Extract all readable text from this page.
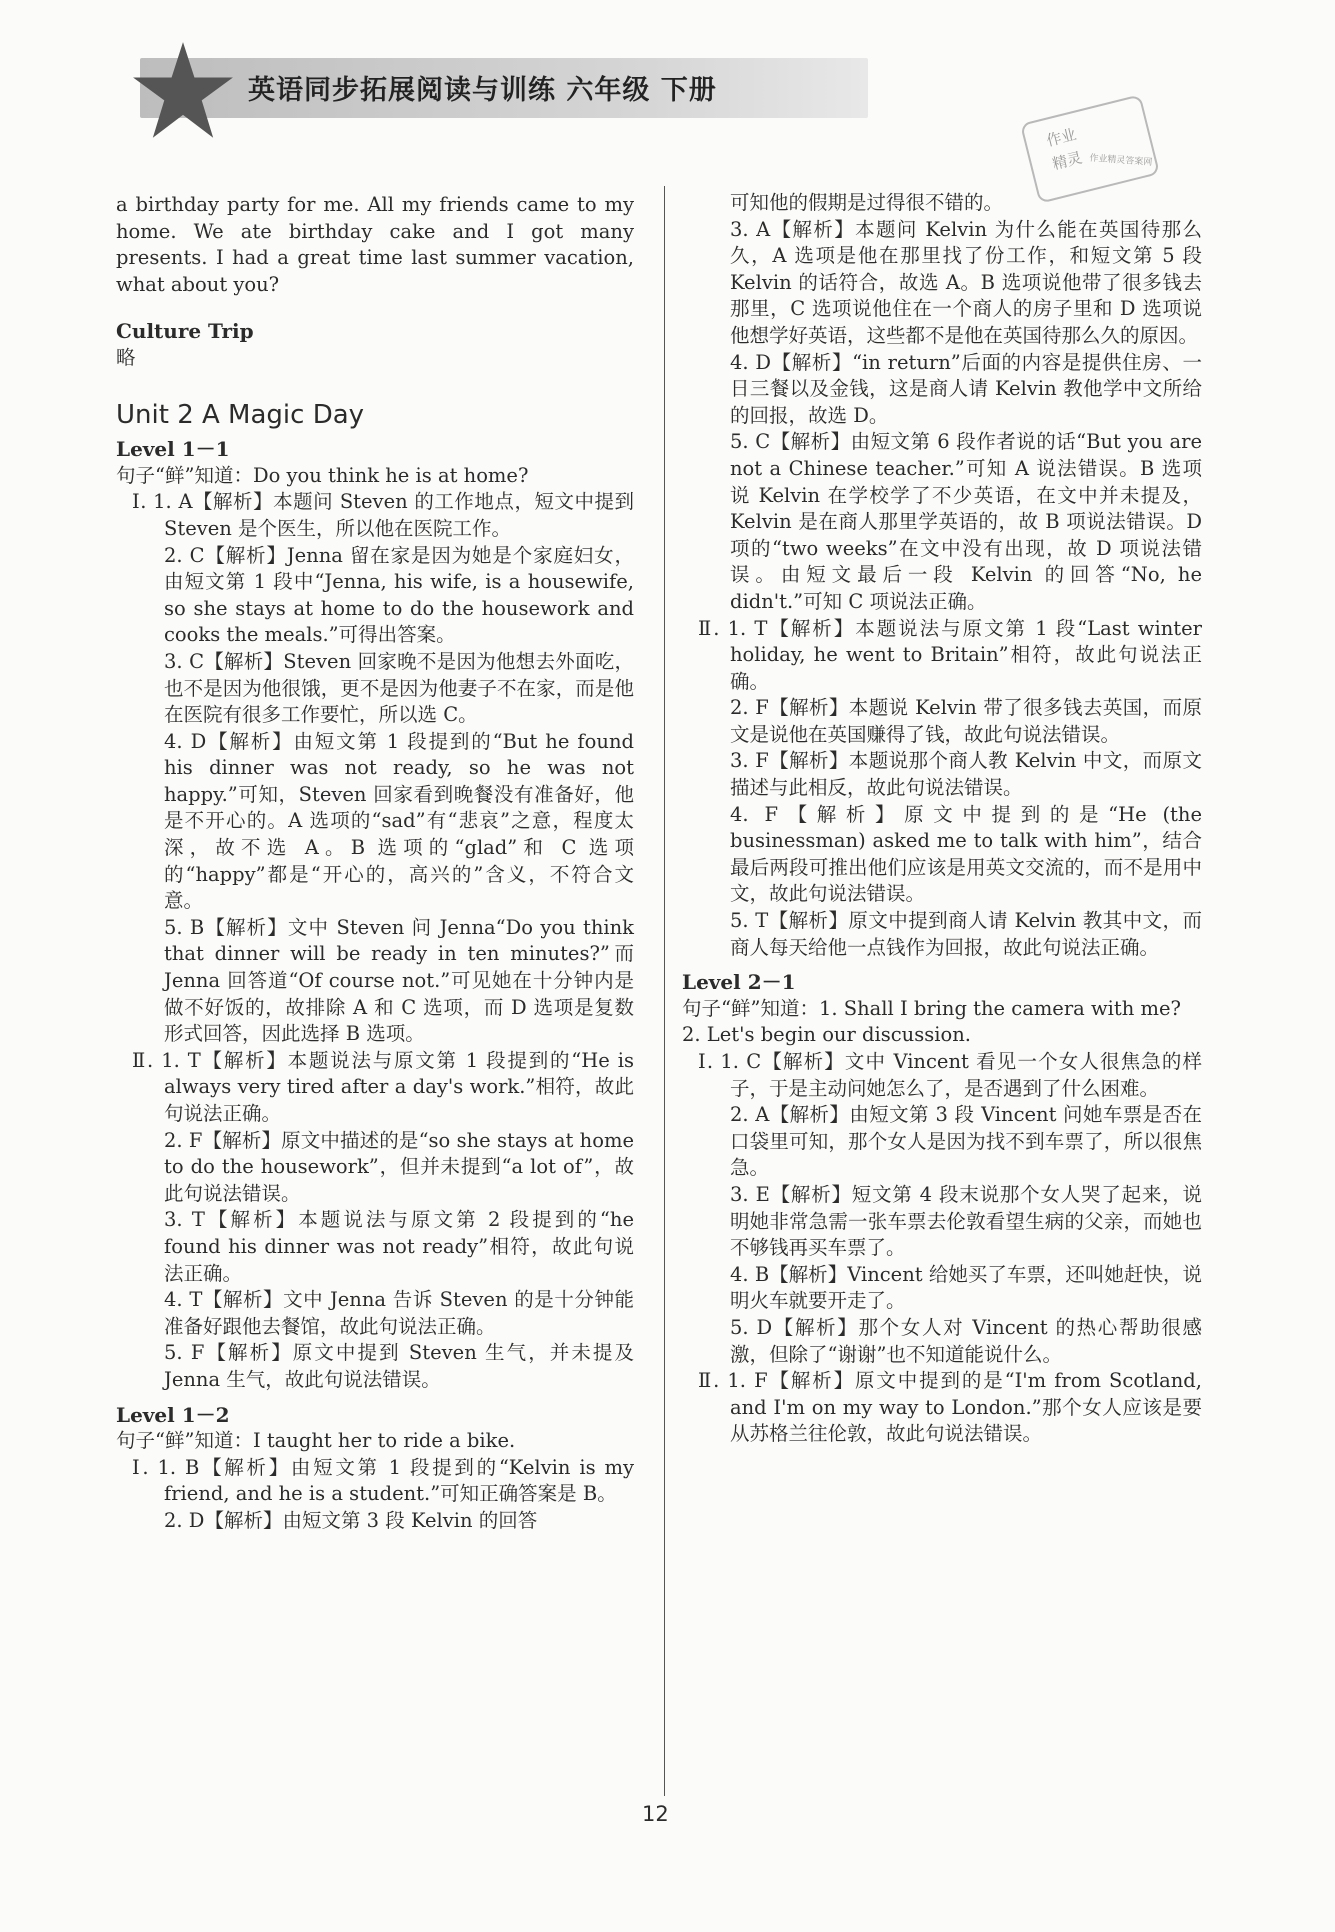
英语同步拓展阅读与训练 六年级 下册
作业
精灵 作业精灵答案网

a birthday party for me. All my friends came to my home. We ate birthday cake and I got many presents. I had a great time last summer vacation, what about you?

Culture Trip

略

Unit 2 A Magic Day

Level 1－1

句子“鲜”知道：Do you think he is at home?

Ⅰ. 1. A【解析】本题问 Steven 的工作地点，短文中提到 Steven 是个医生，所以他在医院工作。

2. C【解析】Jenna 留在家是因为她是个家庭妇女，由短文第 1 段中“Jenna, his wife, is a housewife, so she stays at home to do the housework and cooks the meals.”可得出答案。

3. C【解析】Steven 回家晚不是因为他想去外面吃，也不是因为他很饿，更不是因为他妻子不在家，而是他在医院有很多工作要忙，所以选 C。

4. D【解析】由短文第 1 段提到的“But he found his dinner was not ready, so he was not happy.”可知，Steven 回家看到晚餐没有准备好，他是不开心的。A 选项的“sad”有“悲哀”之意，程度太深，故不选 A。B 选项的“glad”和 C 选项的“happy”都是“开心的，高兴的”含义，不符合文意。

5. B【解析】文中 Steven 问 Jenna“Do you think that dinner will be ready in ten minutes?”而 Jenna 回答道“Of course not.”可见她在十分钟内是做不好饭的，故排除 A 和 C 选项，而 D 选项是复数形式回答，因此选择 B 选项。

Ⅱ. 1. T【解析】本题说法与原文第 1 段提到的“He is always very tired after a day's work.”相符，故此句说法正确。

2. F【解析】原文中描述的是“so she stays at home to do the housework”，但并未提到“a lot of”，故此句说法错误。

3. T【解析】本题说法与原文第 2 段提到的“he found his dinner was not ready”相符，故此句说法正确。

4. T【解析】文中 Jenna 告诉 Steven 的是十分钟能准备好跟他去餐馆，故此句说法正确。

5. F【解析】原文中提到 Steven 生气，并未提及 Jenna 生气，故此句说法错误。

Level 1－2

句子“鲜”知道：I taught her to ride a bike.

Ⅰ. 1. B【解析】由短文第 1 段提到的“Kelvin is my friend, and he is a student.”可知正确答案是 B。

2. D【解析】由短文第 3 段 Kelvin 的回答

可知他的假期是过得很不错的。

3. A【解析】本题问 Kelvin 为什么能在英国待那么久，A 选项是他在那里找了份工作，和短文第 5 段 Kelvin 的话符合，故选 A。B 选项说他带了很多钱去那里，C 选项说他住在一个商人的房子里和 D 选项说他想学好英语，这些都不是他在英国待那么久的原因。

4. D【解析】“in return”后面的内容是提供住房、一日三餐以及金钱，这是商人请 Kelvin 教他学中文所给的回报，故选 D。

5. C【解析】由短文第 6 段作者说的话“But you are not a Chinese teacher.”可知 A 说法错误。B 选项说 Kelvin 在学校学了不少英语，在文中并未提及，Kelvin 是在商人那里学英语的，故 B 项说法错误。D 项的“two weeks”在文中没有出现，故 D 项说法错误。由短文最后一段 Kelvin 的回答“No, he didn't.”可知 C 项说法正确。

Ⅱ. 1. T【解析】本题说法与原文第 1 段“Last winter holiday, he went to Britain”相符，故此句说法正确。

2. F【解析】本题说 Kelvin 带了很多钱去英国，而原文是说他在英国赚得了钱，故此句说法错误。

3. F【解析】本题说那个商人教 Kelvin 中文，而原文描述与此相反，故此句说法错误。

4. F【解析】原文中提到的是“He (the businessman) asked me to talk with him”，结合最后两段可推出他们应该是用英文交流的，而不是用中文，故此句说法错误。

5. T【解析】原文中提到商人请 Kelvin 教其中文，而商人每天给他一点钱作为回报，故此句说法正确。

Level 2－1

句子“鲜”知道：1. Shall I bring the camera with me?

2. Let's begin our discussion.

Ⅰ. 1. C【解析】文中 Vincent 看见一个女人很焦急的样子，于是主动问她怎么了，是否遇到了什么困难。

2. A【解析】由短文第 3 段 Vincent 问她车票是否在口袋里可知，那个女人是因为找不到车票了，所以很焦急。

3. E【解析】短文第 4 段末说那个女人哭了起来，说明她非常急需一张车票去伦敦看望生病的父亲，而她也不够钱再买车票了。

4. B【解析】Vincent 给她买了车票，还叫她赶快，说明火车就要开走了。

5. D【解析】那个女人对 Vincent 的热心帮助很感激，但除了“谢谢”也不知道能说什么。

Ⅱ. 1. F【解析】原文中提到的是“I'm from Scotland, and I'm on my way to London.”那个女人应该是要从苏格兰往伦敦，故此句说法错误。

12
